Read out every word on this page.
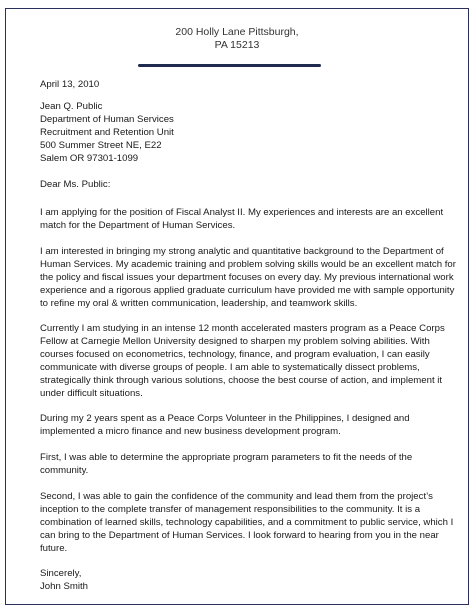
200 Holly Lane Pittsburgh,
PA 15213
April 13, 2010
Jean Q. Public
Department of Human Services
Recruitment and Retention Unit
500 Summer Street NE, E22
Salem OR 97301-1099
Dear Ms. Public:
I am applying for the position of Fiscal Analyst II. My experiences and interests are an excellent
match for the Department of Human Services.
I am interested in bringing my strong analytic and quantitative background to the Department of
Human Services. My academic training and problem solving skills would be an excellent match for
the policy and fiscal issues your department focuses on every day. My previous international work
experience and a rigorous applied graduate curriculum have provided me with sample opportunity
to refine my oral & written communication, leadership, and teamwork skills.
Currently I am studying in an intense 12 month accelerated masters program as a Peace Corps
Fellow at Carnegie Mellon University designed to sharpen my problem solving abilities. With
courses focused on econometrics, technology, finance, and program evaluation, I can easily
communicate with diverse groups of people. I am able to systematically dissect problems,
strategically think through various solutions, choose the best course of action, and implement it
under difficult situations.
During my 2 years spent as a Peace Corps Volunteer in the Philippines, I designed and
implemented a micro finance and new business development program.
First, I was able to determine the appropriate program parameters to fit the needs of the
community.
Second, I was able to gain the confidence of the community and lead them from the project’s
inception to the complete transfer of management responsibilities to the community. It is a
combination of learned skills, technology capabilities, and a commitment to public service, which I
can bring to the Department of Human Services. I look forward to hearing from you in the near
future.
Sincerely,
John Smith
